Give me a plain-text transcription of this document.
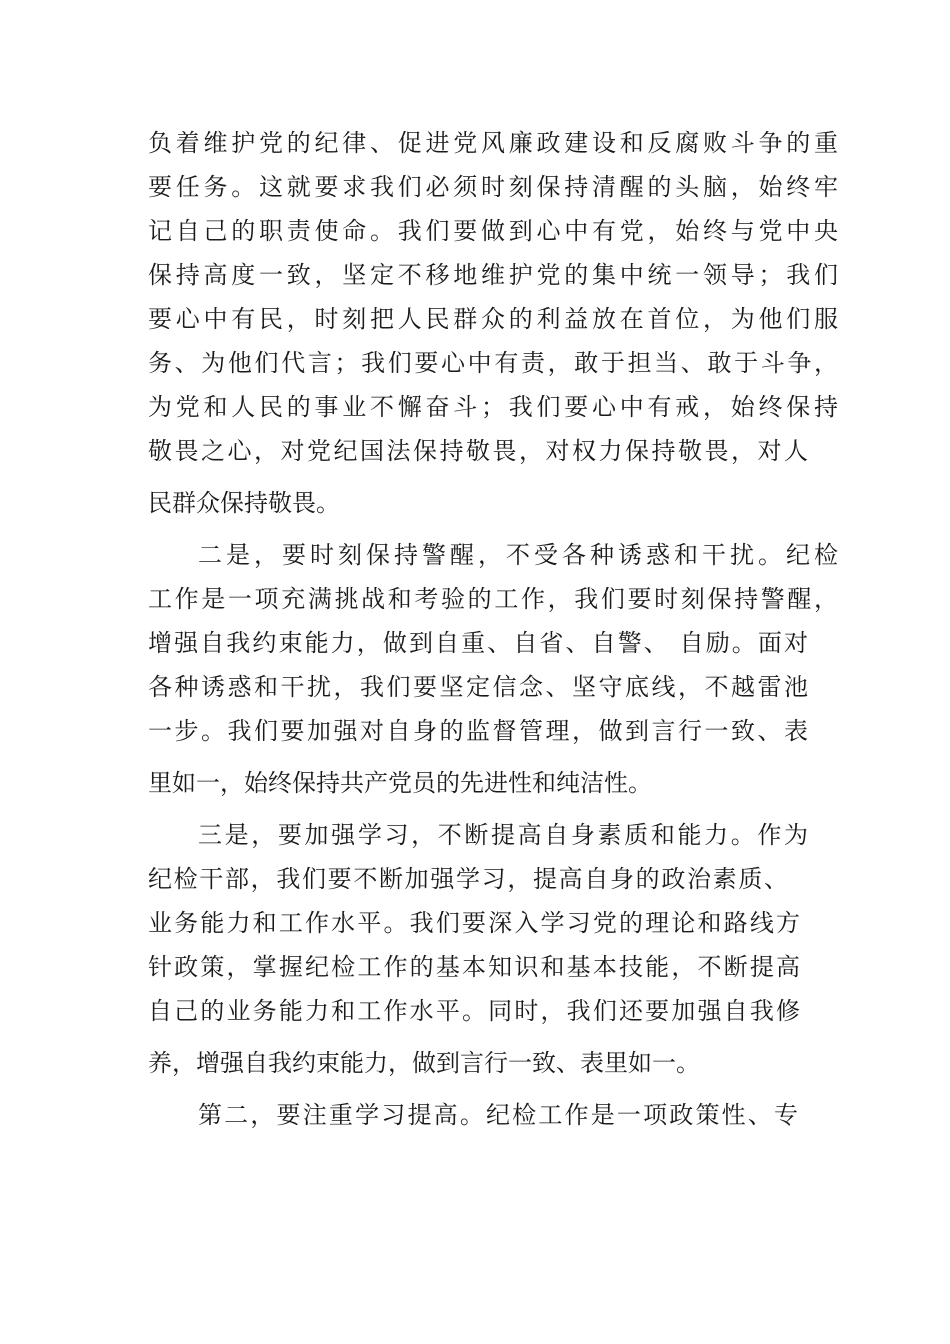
负着维护党的纪律、促进党风廉政建设和反腐败斗争的重
要任务。这就要求我们必须时刻保持清醒的头脑，始终牢
记自己的职责使命。我们要做到心中有党，始终与党中央
保持高度一致，坚定不移地维护党的集中统一领导；我们
要心中有民，时刻把人民群众的利益放在首位，为他们服
务、为他们代言；我们要心中有责，敢于担当、敢于斗争，
为党和人民的事业不懈奋斗；我们要心中有戒，始终保持
敬畏之心，对党纪国法保持敬畏，对权力保持敬畏，对人
民群众保持敬畏。
二是，要时刻保持警醒，不受各种诱惑和干扰。纪检
工作是一项充满挑战和考验的工作，我们要时刻保持警醒，
增强自我约束能力，做到自重、自省、自警、 自励。面对
各种诱惑和干扰，我们要坚定信念、坚守底线，不越雷池
一步。我们要加强对自身的监督管理，做到言行一致、表
里如一，始终保持共产党员的先进性和纯洁性。
三是，要加强学习，不断提高自身素质和能力。作为
纪检干部，我们要不断加强学习，提高自身的政治素质、
业务能力和工作水平。我们要深入学习党的理论和路线方
针政策，掌握纪检工作的基本知识和基本技能，不断提高
自己的业务能力和工作水平。同时，我们还要加强自我修
养，增强自我约束能力，做到言行一致、表里如一。
第二，要注重学习提高。纪检工作是一项政策性、专
